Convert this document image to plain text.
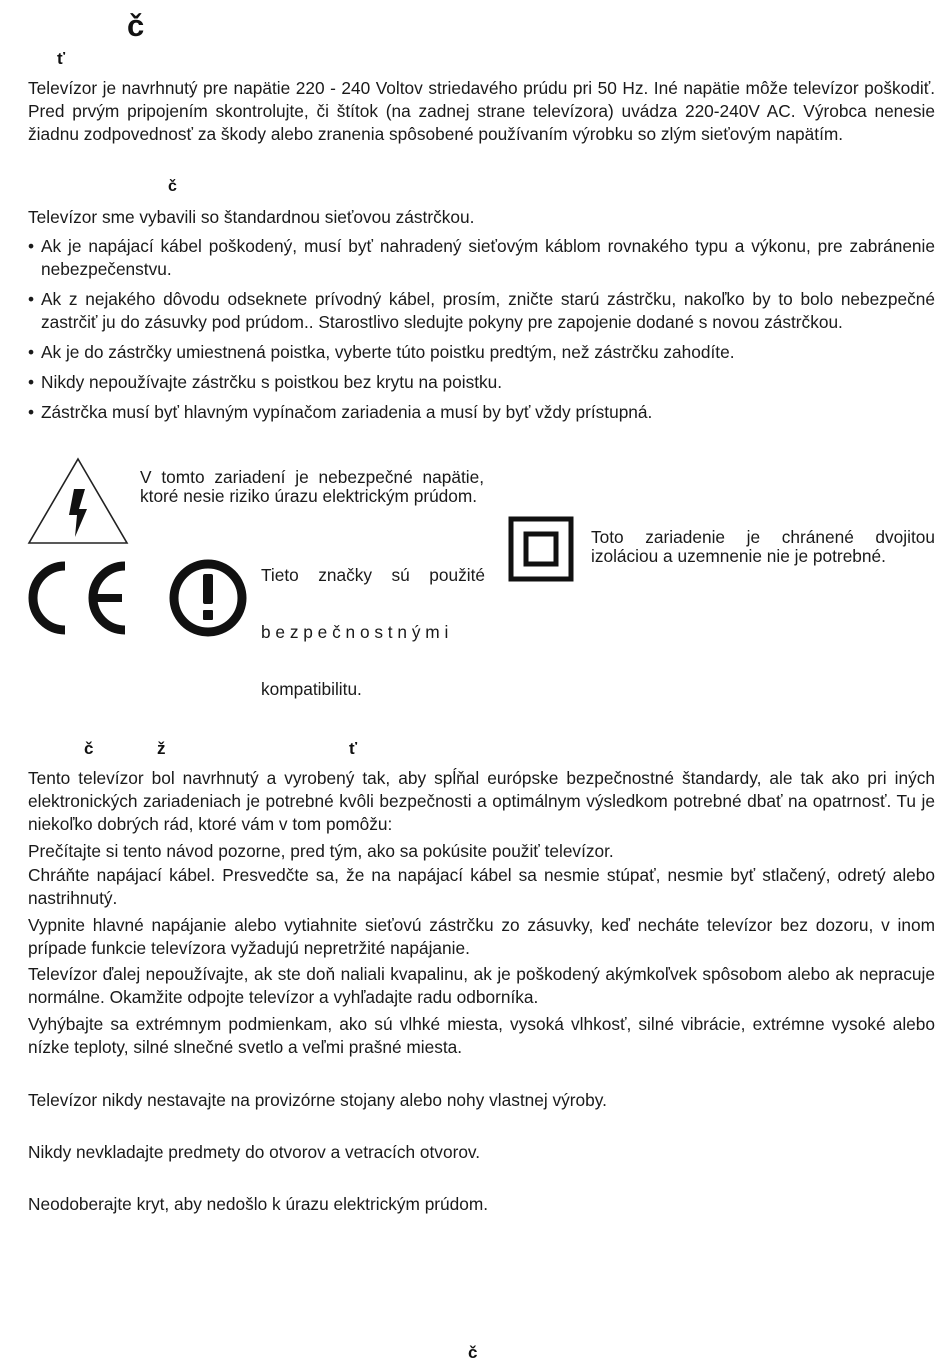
č
ť

Televízor je navrhnutý pre napätie 220 - 240 Voltov striedavého prúdu pri 50 Hz. Iné napätie môže televízor poškodiť. Pred prvým pripojením skontrolujte, či štítok (na zadnej strane televízora) uvádza 220-240V AC. Výrobca nenesie žiadnu zodpovednosť za škody alebo zranenia spôsobené používaním výrobku so zlým sieťovým napätím.

č

Televízor sme vybavili so štandardnou sieťovou zástrčkou.

• Ak je napájací kábel poškodený, musí byť nahradený sieťovým káblom rovnakého typu a výkonu, pre zabránenie nebezpečenstvu.
• Ak z nejakého dôvodu odseknete prívodný kábel, prosím, zničte starú zástrčku, nakoľko by to bolo nebezpečné zastrčiť ju do zásuvky pod prúdom.. Starostlivo sledujte pokyny pre zapojenie dodané s novou zástrčkou.
• Ak je do zástrčky umiestnená poistka, vyberte túto poistku predtým, než zástrčku zahodíte.
• Nikdy nepoužívajte zástrčku s poistkou bez krytu na poistku.
• Zástrčka musí byť hlavným vypínačom zariadenia a musí by byť vždy prístupná.
V tomto zariadení je nebezpečné napätie, ktoré nesie riziko úrazu elektrickým prúdom.
Tieto značky sú použité
b e z p e č n o s t n ý m i
kompatibilitu.
Toto zariadenie je chránené dvojitou izoláciou a uzemnenie nie je potrebné.
č	ž	ť

Tento televízor bol navrhnutý a vyrobený tak, aby spĺňal európske bezpečnostné štandardy, ale tak ako pri iných elektronických zariadeniach je potrebné kvôli bezpečnosti a optimálnym výsledkom potrebné dbať na opatrnosť. Tu je niekoľko dobrých rád, ktoré vám v tom pomôžu:

Prečítajte si tento návod pozorne, pred tým, ako sa pokúsite použiť televízor.

Chráňte napájací kábel. Presvedčte sa, že na napájací kábel sa nesmie stúpať, nesmie byť stlačený, odretý alebo nastrihnutý.

Vypnite hlavné napájanie alebo vytiahnite sieťovú zástrčku zo zásuvky, keď necháte televízor bez dozoru, v inom prípade funkcie televízora vyžadujú nepretržité napájanie.

Televízor ďalej nepoužívajte, ak ste doň naliali kvapalinu, ak je poškodený akýmkoľvek spôsobom alebo ak nepracuje normálne. Okamžite odpojte televízor a vyhľadajte radu odborníka.

Vyhýbajte sa extrémnym podmienkam, ako sú vlhké miesta, vysoká vlhkosť, silné vibrácie, extrémne vysoké alebo nízke teploty, silné slnečné svetlo a veľmi prašné miesta.

Televízor nikdy nestavajte na provizórne stojany alebo nohy vlastnej výroby.

Nikdy nevkladajte predmety do otvorov a vetracích otvorov.

Neodoberajte kryt, aby nedošlo k úrazu elektrickým prúdom.

č
